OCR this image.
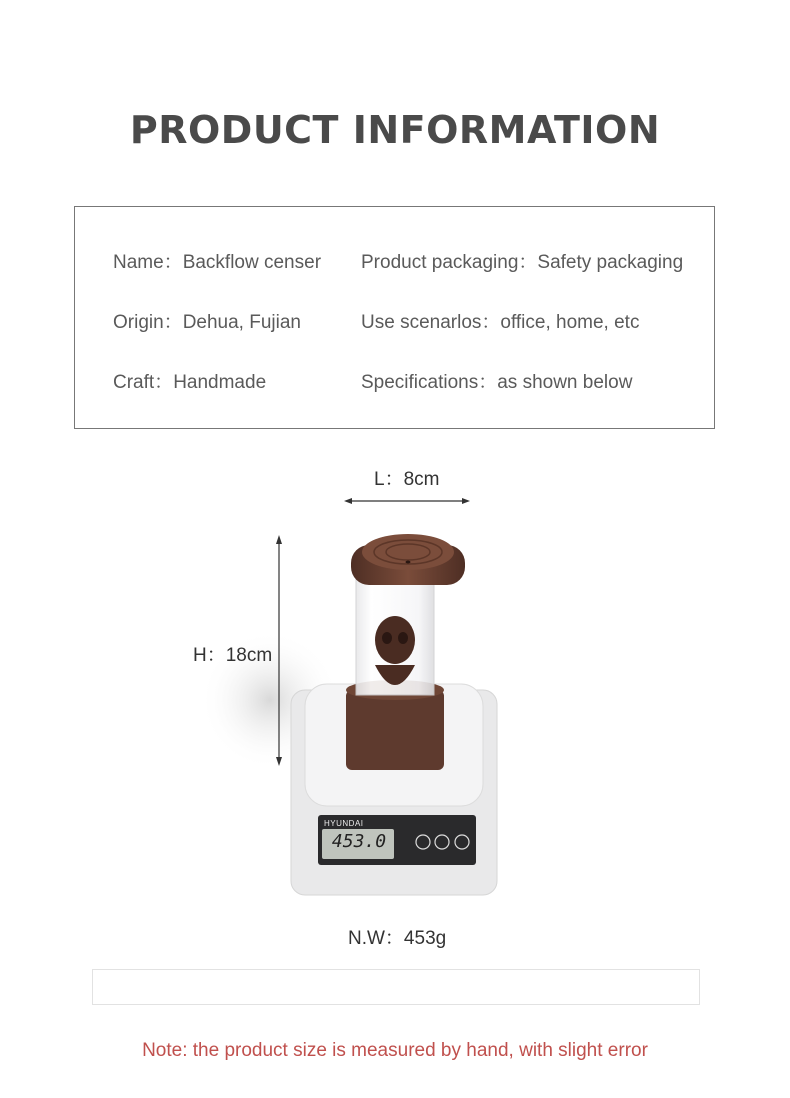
PRODUCT INFORMATION
Name：Backflow censer
Origin：Dehua, Fujian
Craft：Handmade
Product packaging：Safety packaging
Use scenarlos：office, home, etc
Specifications：as shown below
L：8cm
H：18cm
N.W：453g
HYUNDAI
453.0
Note: the product size is measured by hand, with slight error
